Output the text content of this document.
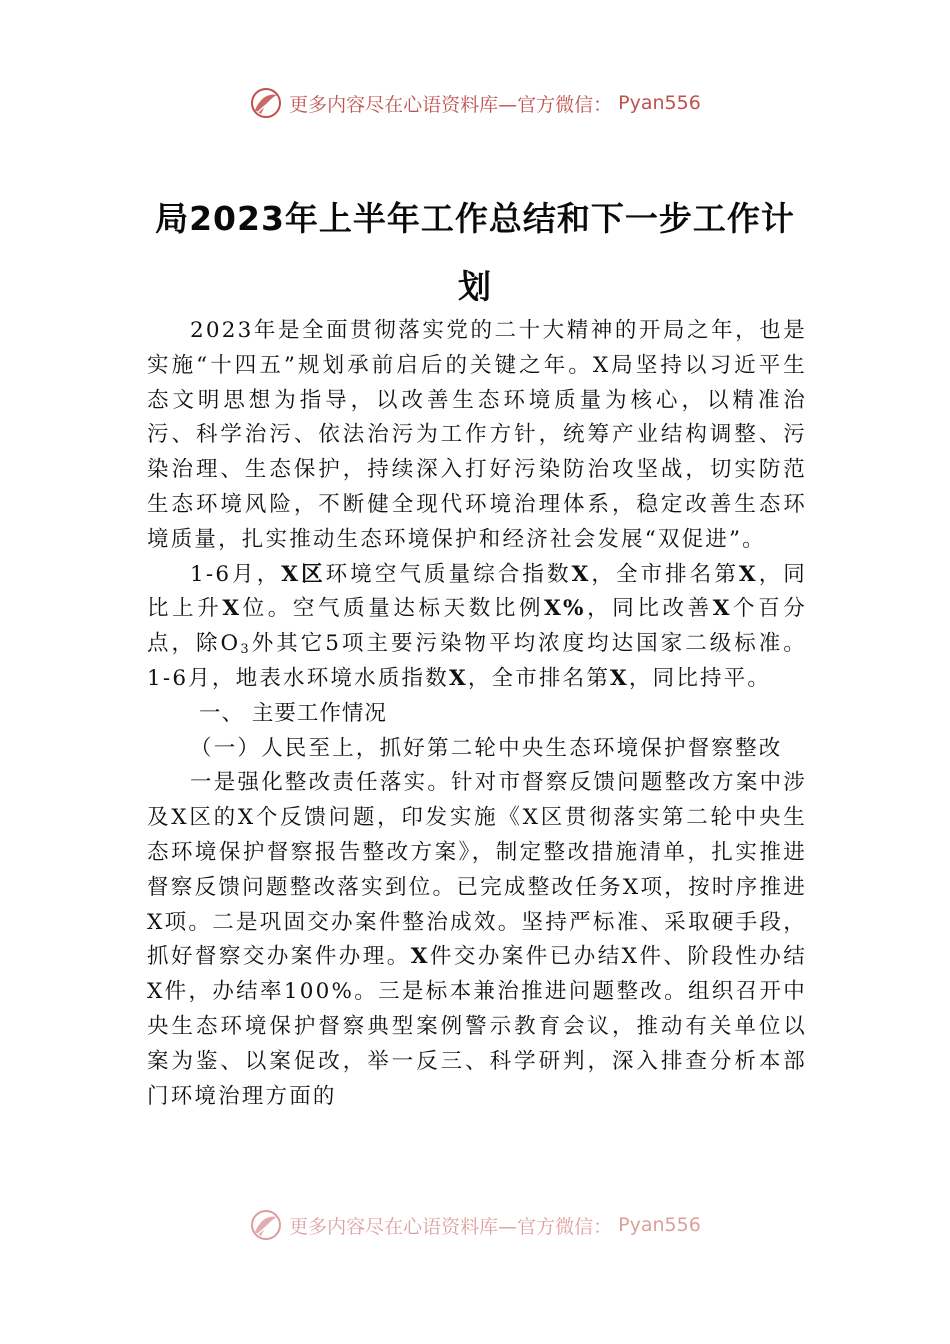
更多内容尽在心语资料库—官方微信： Pyan556
局2023年上半年工作总结和下一步工作计
划

2023年是全面贯彻落实党的二十大精神的开局之年，也是实施“十四五”规划承前启后的关键之年。X局坚持以习近平生态文明思想为指导，以改善生态环境质量为核心，以精准治污、科学治污、依法治污为工作方针，统筹产业结构调整、污染治理、生态保护，持续深入打好污染防治攻坚战，切实防范生态环境风险，不断健全现代环境治理体系，稳定改善生态环境质量，扎实推动生态环境保护和经济社会发展“双促进”。

1-6月，X区环境空气质量综合指数X，全市排名第X，同比上升X位。空气质量达标天数比例X%，同比改善X个百分点，除$O_3$外其它5项主要污染物平均浓度均达国家二级标准。1-6月，地表水环境水质指数X，全市排名第X，同比持平。

一、 主要工作情况

（一）人民至上，抓好第二轮中央生态环境保护督察整改

一是强化整改责任落实。针对市督察反馈问题整改方案中涉及X区的X个反馈问题，印发实施《X区贯彻落实第二轮中央生态环境保护督察报告整改方案》，制定整改措施清单，扎实推进督察反馈问题整改落实到位。已完成整改任务X项，按时序推进X项。二是巩固交办案件整治成效。坚持严标准、采取硬手段，抓好督察交办案件办理。X件交办案件已办结X件、阶段性办结X件，办结率100%。三是标本兼治推进问题整改。组织召开中央生态环境保护督察典型案例警示教育会议，推动有关单位以案为鉴、以案促改，举一反三、科学研判，深入排查分析本部门环境治理方面的

更多内容尽在心语资料库—官方微信： Pyan556
